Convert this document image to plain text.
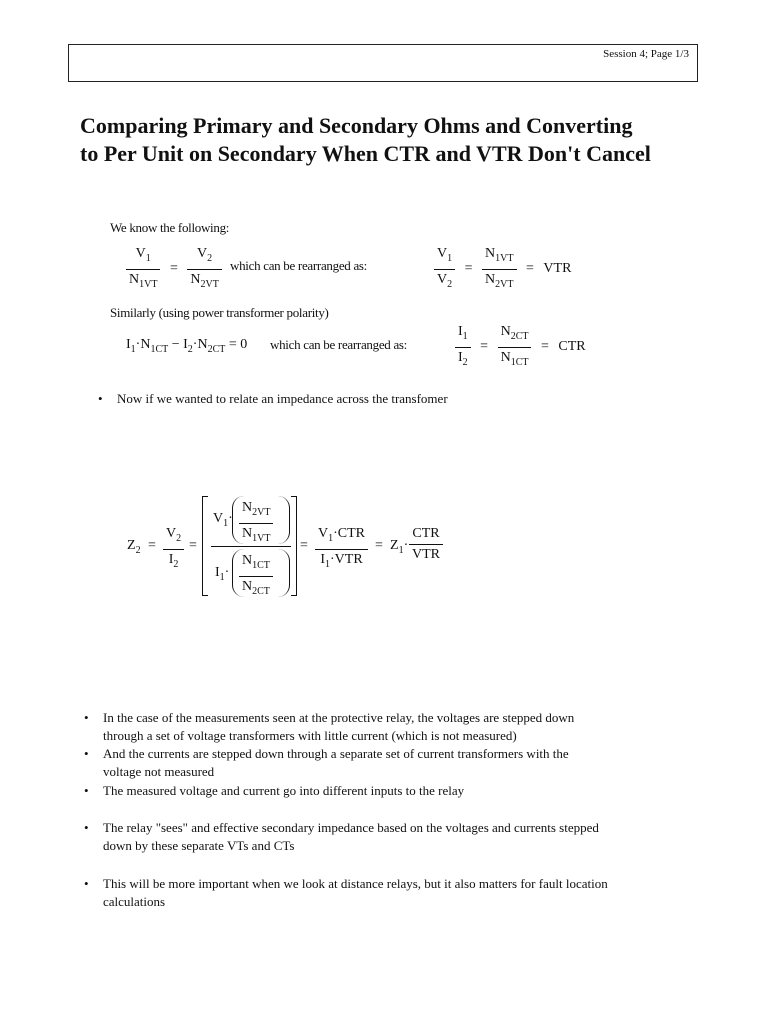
Session 4; Page 1/3
Comparing Primary and Secondary Ohms and Converting
to Per Unit on Secondary When CTR and VTR Don't Cancel
We know the following:
$\frac{V_1}{N_{1VT}} = \frac{V_2}{N_{2VT}}$ which can be rearranged as:	$\frac{V_1}{V_2} = \frac{N_{1VT}}{N_{2VT}}$ = VTR
Similarly (using power transformer polarity)
$I_1\cdot N_{1CT} - I_2\cdot N_{2CT} = 0$ which can be rearranged as:	$\frac{I_1}{I_2} = \frac{N_{2CT}}{N_{1CT}}$ = CTR
• Now if we wanted to relate an impedance across the transfomer
$Z_2 = \frac{V_2}{I_2}$ =
$V_1\cdot \frac{N_{2VT}}{N_{1VT}}$
$I_1\cdot \frac{N_{1CT}}{N_{2CT}}$
=
$V_1\cdot CTR$
$I_1\cdot VTR$
= $Z_1\cdot$
CTR
VTR
• In the case of the measurements seen at the protective relay, the voltages are stepped down
through a set of voltage transformers with little current (which is not measured)
• And the currents are stepped down through a separate set of current transformers with the
voltage not measured
• The measured voltage and current go into different inputs to the relay
• The relay "sees" and effective secondary impedance based on the voltages and currents stepped
down by these separate VTs and CTs
• This will be more important when we look at distance relays, but it also matters for fault location
calculations
